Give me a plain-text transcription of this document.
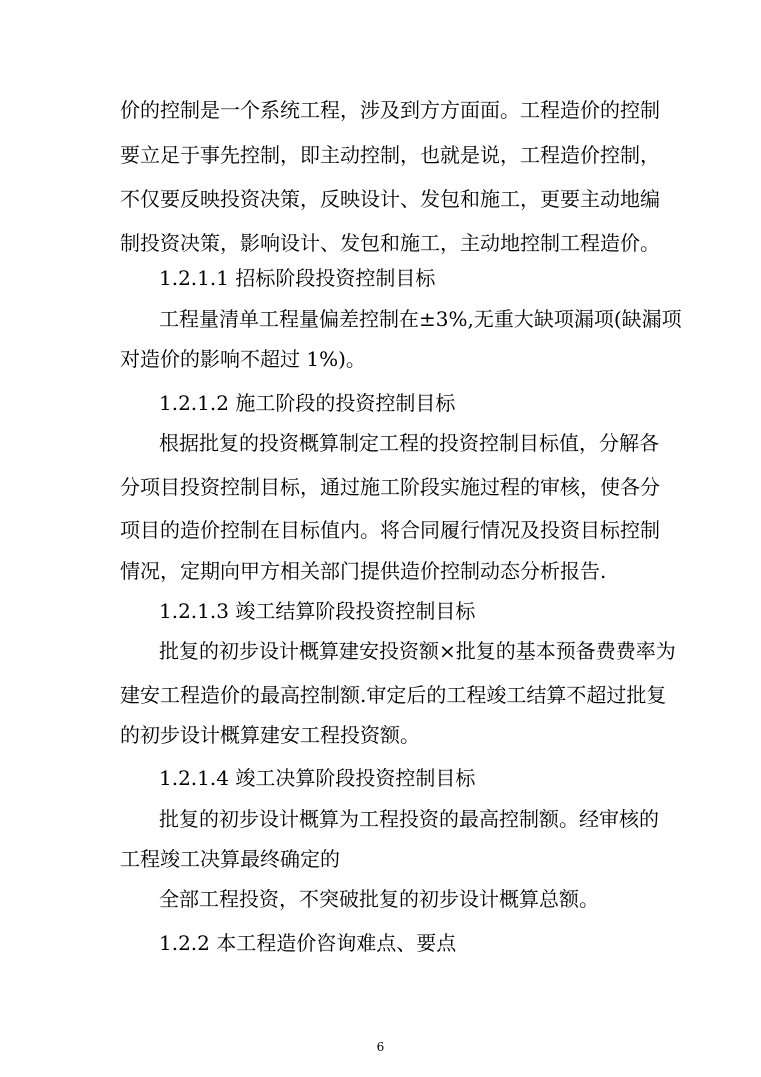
价的控制是一个系统工程，涉及到方方面面。工程造价的控制
要立足于事先控制，即主动控制，也就是说，工程造价控制，
不仅要反映投资决策，反映设计、发包和施工，更要主动地编
制投资决策，影响设计、发包和施工，主动地控制工程造价。
1.2.1.1 招标阶段投资控制目标
工程量清单工程量偏差控制在±3%,无重大缺项漏项(缺漏项
对造价的影响不超过 1%)。
1.2.1.2 施工阶段的投资控制目标
根据批复的投资概算制定工程的投资控制目标值，分解各
分项目投资控制目标，通过施工阶段实施过程的审核，使各分
项目的造价控制在目标值内。将合同履行情况及投资目标控制
情况，定期向甲方相关部门提供造价控制动态分析报告.
1.2.1.3 竣工结算阶段投资控制目标
批复的初步设计概算建安投资额×批复的基本预备费费率为
建安工程造价的最高控制额.审定后的工程竣工结算不超过批复
的初步设计概算建安工程投资额。
1.2.1.4 竣工决算阶段投资控制目标
批复的初步设计概算为工程投资的最高控制额。经审核的
工程竣工决算最终确定的
全部工程投资，不突破批复的初步设计概算总额。
1.2.2 本工程造价咨询难点、要点
6
